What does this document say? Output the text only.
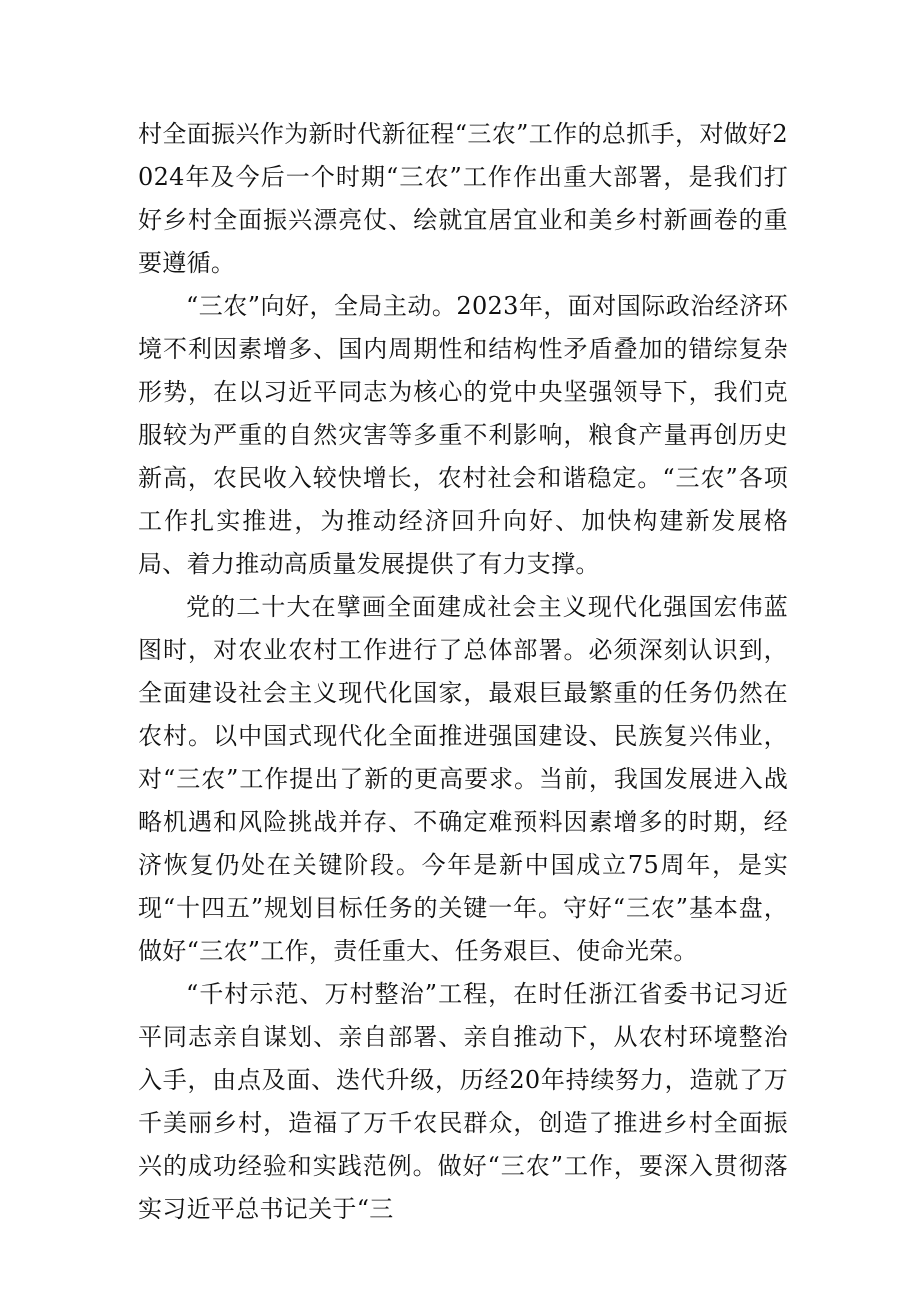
村全面振兴作为新时代新征程“三农”工作的总抓手，对做好2024年及今后一个时期“三农”工作作出重大部署，是我们打好乡村全面振兴漂亮仗、绘就宜居宜业和美乡村新画卷的重要遵循。

“三农”向好，全局主动。2023年，面对国际政治经济环境不利因素增多、国内周期性和结构性矛盾叠加的错综复杂形势，在以习近平同志为核心的党中央坚强领导下，我们克服较为严重的自然灾害等多重不利影响，粮食产量再创历史新高，农民收入较快增长，农村社会和谐稳定。“三农”各项工作扎实推进，为推动经济回升向好、加快构建新发展格局、着力推动高质量发展提供了有力支撑。

党的二十大在擘画全面建成社会主义现代化强国宏伟蓝图时，对农业农村工作进行了总体部署。必须深刻认识到，全面建设社会主义现代化国家，最艰巨最繁重的任务仍然在农村。以中国式现代化全面推进强国建设、民族复兴伟业，对“三农”工作提出了新的更高要求。当前，我国发展进入战略机遇和风险挑战并存、不确定难预料因素增多的时期，经济恢复仍处在关键阶段。今年是新中国成立75周年，是实现“十四五”规划目标任务的关键一年。守好“三农”基本盘，做好“三农”工作，责任重大、任务艰巨、使命光荣。

“千村示范、万村整治”工程，在时任浙江省委书记习近平同志亲自谋划、亲自部署、亲自推动下，从农村环境整治入手，由点及面、迭代升级，历经20年持续努力，造就了万千美丽乡村，造福了万千农民群众，创造了推进乡村全面振兴的成功经验和实践范例。做好“三农”工作，要深入贯彻落实习近平总书记关于“三
